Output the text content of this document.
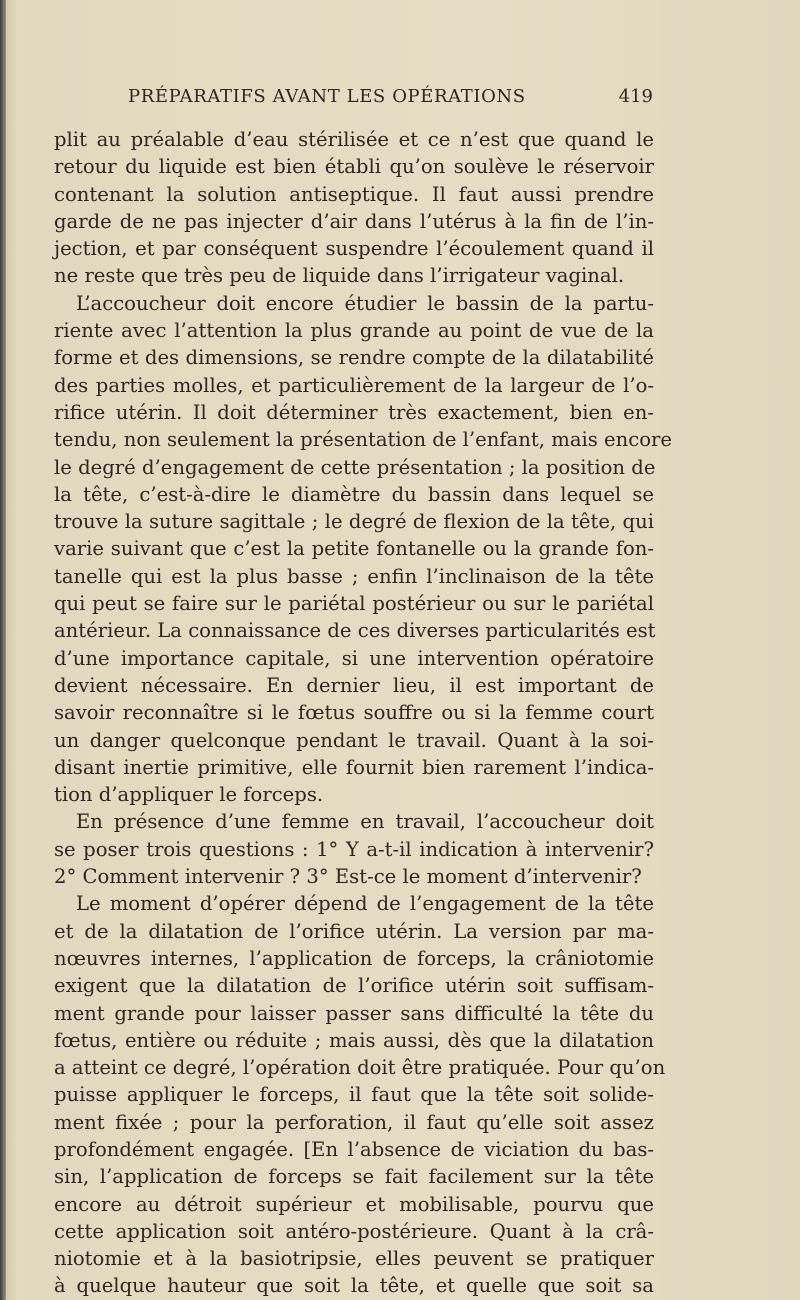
PRÉPARATIFS AVANT LES OPÉRATIONS	419
plit au préalable d’eau stérilisée et ce n’est que quand le
retour du liquide est bien établi qu’on soulève le réservoir
contenant la solution antiseptique. Il faut aussi prendre
garde de ne pas injecter d’air dans l’utérus à la fin de l’in-
jection, et par conséquent suspendre l’écoulement quand il
ne reste que très peu de liquide dans l’irrigateur vaginal.
L’accoucheur doit encore étudier le bassin de la partu-
riente avec l’attention la plus grande au point de vue de la
forme et des dimensions, se rendre compte de la dilatabilité
des parties molles, et particulièrement de la largeur de l’o-
rifice utérin. Il doit déterminer très exactement, bien en-
tendu, non seulement la présentation de l’enfant, mais encore
le degré d’engagement de cette présentation ; la position de
la tête, c’est-à-dire le diamètre du bassin dans lequel se
trouve la suture sagittale ; le degré de flexion de la tête, qui
varie suivant que c’est la petite fontanelle ou la grande fon-
tanelle qui est la plus basse ; enfin l’inclinaison de la tête
qui peut se faire sur le pariétal postérieur ou sur le pariétal
antérieur. La connaissance de ces diverses particularités est
d’une importance capitale, si une intervention opératoire
devient nécessaire. En dernier lieu, il est important de
savoir reconnaître si le fœtus souffre ou si la femme court
un danger quelconque pendant le travail. Quant à la soi-
disant inertie primitive, elle fournit bien rarement l’indica-
tion d’appliquer le forceps.
En présence d’une femme en travail, l’accoucheur doit
se poser trois questions : 1° Y a-t-il indication à intervenir?
2° Comment intervenir ? 3° Est-ce le moment d’intervenir?
Le moment d’opérer dépend de l’engagement de la tête
et de la dilatation de l’orifice utérin. La version par ma-
nœuvres internes, l’application de forceps, la crâniotomie
exigent que la dilatation de l’orifice utérin soit suffisam-
ment grande pour laisser passer sans difficulté la tête du
fœtus, entière ou réduite ; mais aussi, dès que la dilatation
a atteint ce degré, l’opération doit être pratiquée. Pour qu’on
puisse appliquer le forceps, il faut que la tête soit solide-
ment fixée ; pour la perforation, il faut qu’elle soit assez
profondément engagée. [En l’absence de viciation du bas-
sin, l’application de forceps se fait facilement sur la tête
encore au détroit supérieur et mobilisable, pourvu que
cette application soit antéro-postérieure. Quant à la crâ-
niotomie et à la basiotripsie, elles peuvent se pratiquer
à quelque hauteur que soit la tête, et quelle que soit sa
